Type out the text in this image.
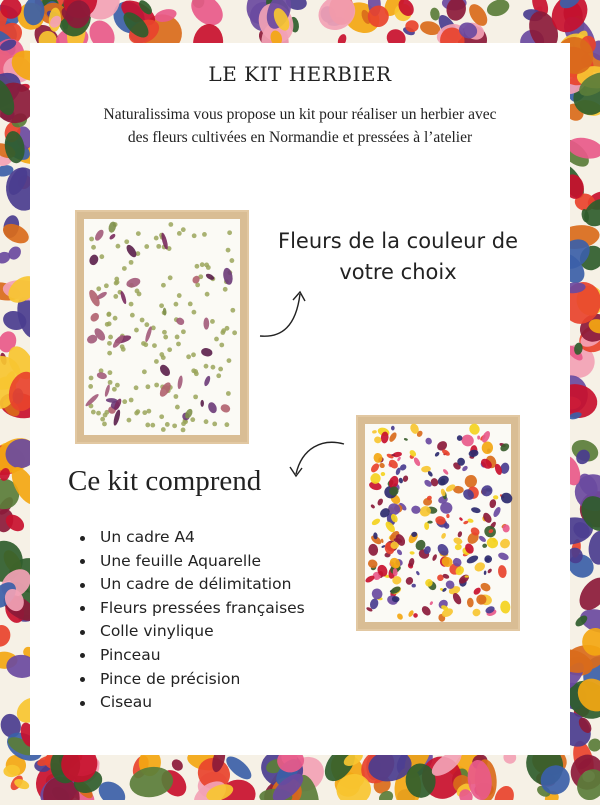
LE KIT HERBIER
Naturalissima vous propose un kit pour réaliser un herbier avec des fleurs cultivées en Normandie et pressées à l’atelier
Fleurs de la couleur de votre choix
Ce kit comprend
Un cadre A4
Une feuille Aquarelle
Un cadre de délimitation
Fleurs pressées françaises
Colle vinylique
Pinceau
Pince de précision
Ciseau
